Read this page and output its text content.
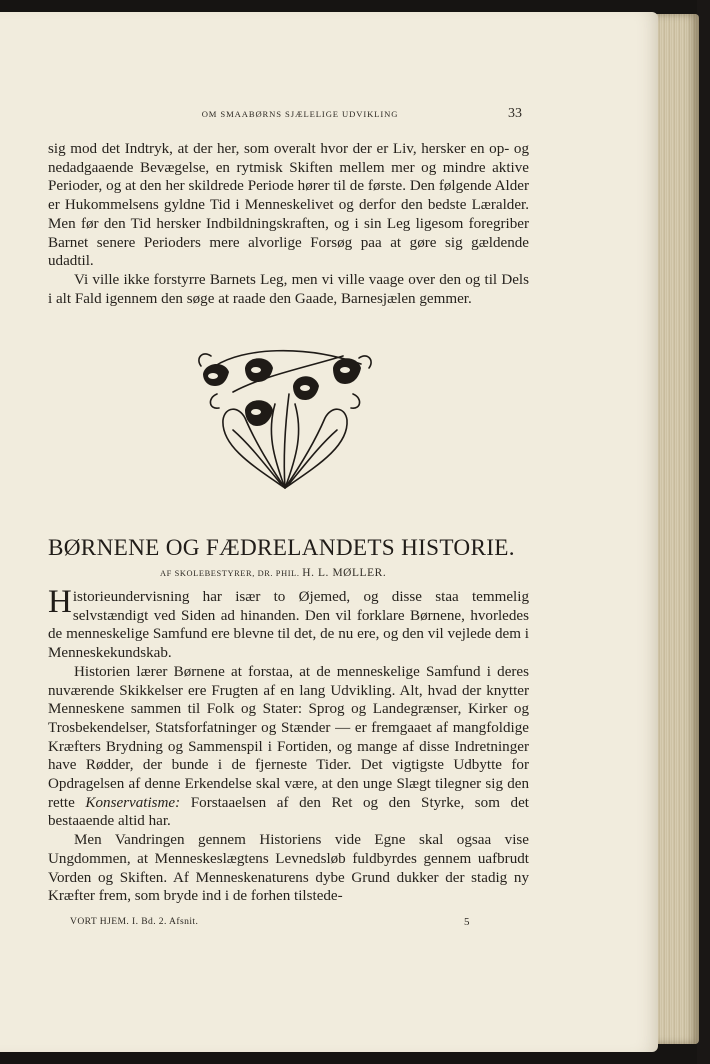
OM SMAABØRNS SJÆLELIGE UDVIKLING	33

sig mod det Indtryk, at der her, som overalt hvor der er Liv, hersker en op- og nedadgaaende Bevægelse, en rytmisk Skiften mellem mer og mindre aktive Perioder, og at den her skildrede Periode hører til de første. Den følgende Alder er Hukommelsens gyldne Tid i Menneskelivet og derfor den bedste Læralder. Men før den Tid hersker Indbildningskraften, og i sin Leg ligesom foregriber Barnet senere Perioders mere alvorlige Forsøg paa at gøre sig gældende udadtil.

Vi ville ikke forstyrre Barnets Leg, men vi ville vaage over den og til Dels i alt Fald igennem den søge at raade den Gaade, Barnesjælen gemmer.

BØRNENE OG FÆDRELANDETS HISTORIE.
AF SKOLEBESTYRER, DR. PHIL. H. L. MØLLER.

Historieundervisning har især to Øjemed, og disse staa temmelig selvstændigt ved Siden ad hinanden. Den vil forklare Børnene, hvorledes de menneskelige Samfund ere blevne til det, de nu ere, og den vil vejlede dem i Menneskekundskab.

Historien lærer Børnene at forstaa, at de menneskelige Samfund i deres nuværende Skikkelser ere Frugten af en lang Udvikling. Alt, hvad der knytter Menneskene sammen til Folk og Stater: Sprog og Landegrænser, Kirker og Trosbekendelser, Statsforfatninger og Stænder — er fremgaaet af mangfoldige Kræfters Brydning og Sammenspil i Fortiden, og mange af disse Indretninger have Rødder, der bunde i de fjerneste Tider. Det vigtigste Udbytte for Opdragelsen af denne Erkendelse skal være, at den unge Slægt tilegner sig den rette Konservatisme: Forstaaelsen af den Ret og den Styrke, som det bestaaende altid har.

Men Vandringen gennem Historiens vide Egne skal ogsaa vise Ungdommen, at Menneskeslægtens Levnedsløb fuldbyrdes gennem uafbrudt Vorden og Skiften. Af Menneskenaturens dybe Grund dukker der stadig ny Kræfter frem, som bryde ind i de forhen tilstede-

VORT HJEM. I. Bd. 2. Afsnit.	5
